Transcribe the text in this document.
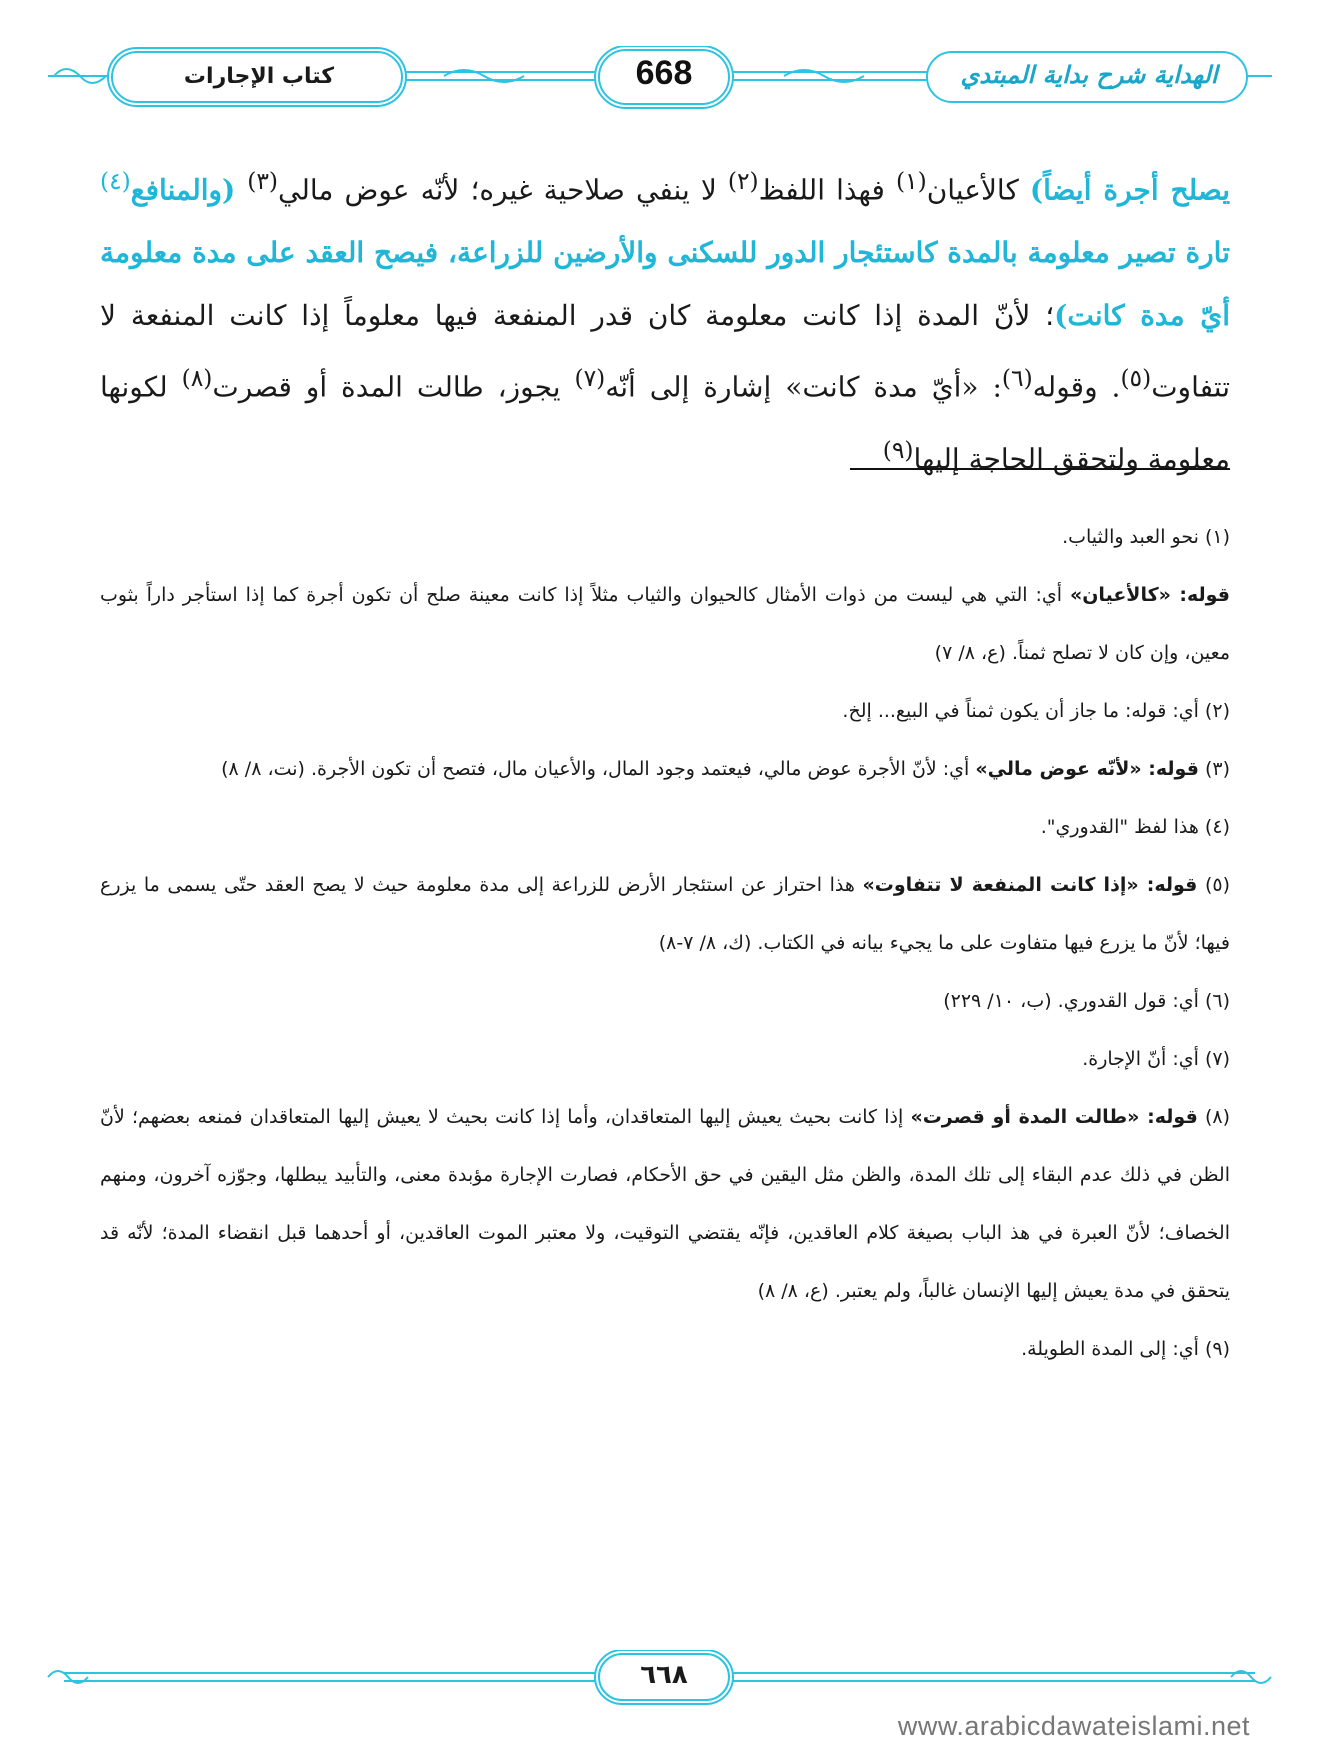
كتاب الإجارات	668	الهداية شرح بداية المبتدي
يصلح أجرة أيضاً) كالأعيان$^{(١)}$ فهذا اللفظ$^{(٢)}$ لا ينفي صلاحية غيره؛ لأنّه عوض مالي$^{(٣)}$ (والمنافع$^{(٤)}$ تارة تصير معلومة بالمدة كاستئجار الدور للسكنى والأرضين للزراعة، فيصح العقد على مدة معلومة أيّ مدة كانت)؛ لأنّ المدة إذا كانت معلومة كان قدر المنفعة فيها معلوماً إذا كانت المنفعة لا تتفاوت$^{(٥)}$. وقوله$^{(٦)}$: «أيّ مدة كانت» إشارة إلى أنّه$^{(٧)}$ يجوز، طالت المدة أو قصرت$^{(٨)}$ لكونها معلومة ولتحقق الحاجة إليها$^{(٩)}$

(١) نحو العبد والثياب.

قوله: «كالأعيان» أي: التي هي ليست من ذوات الأمثال كالحيوان والثياب مثلاً إذا كانت معينة صلح أن تكون أجرة كما إذا استأجر داراً بثوب معين، وإن كان لا تصلح ثمناً. (ع، ٨/ ٧)

(٢) أي: قوله: ما جاز أن يكون ثمناً في البيع... إلخ.

(٣) قوله: «لأنّه عوض مالي» أي: لأنّ الأجرة عوض مالي، فيعتمد وجود المال، والأعيان مال، فتصح أن تكون الأجرة. (نت، ٨/ ٨)

(٤) هذا لفظ "القدوري".

(٥) قوله: «إذا كانت المنفعة لا تتفاوت» هذا احتراز عن استئجار الأرض للزراعة إلى مدة معلومة حيث لا يصح العقد حتّى يسمى ما يزرع فيها؛ لأنّ ما يزرع فيها متفاوت على ما يجيء بيانه في الكتاب. (ك، ٨/ ٧-٨)

(٦) أي: قول القدوري. (ب، ١٠/ ٢٢٩)

(٧) أي: أنّ الإجارة.

(٨) قوله: «طالت المدة أو قصرت» إذا كانت بحيث يعيش إليها المتعاقدان، وأما إذا كانت بحيث لا يعيش إليها المتعاقدان فمنعه بعضهم؛ لأنّ الظن في ذلك عدم البقاء إلى تلك المدة، والظن مثل اليقين في حق الأحكام، فصارت الإجارة مؤبدة معنى، والتأبيد يبطلها، وجوّزه آخرون، ومنهم الخصاف؛ لأنّ العبرة في هذ الباب بصيغة كلام العاقدين، فإنّه يقتضي التوقيت، ولا معتبر الموت العاقدين، أو أحدهما قبل انقضاء المدة؛ لأنّه قد يتحقق في مدة يعيش إليها الإنسان غالباً، ولم يعتبر. (ع، ٨/ ٨)

(٩) أي: إلى المدة الطويلة.

٦٦٨
www.arabicdawateislami.net
